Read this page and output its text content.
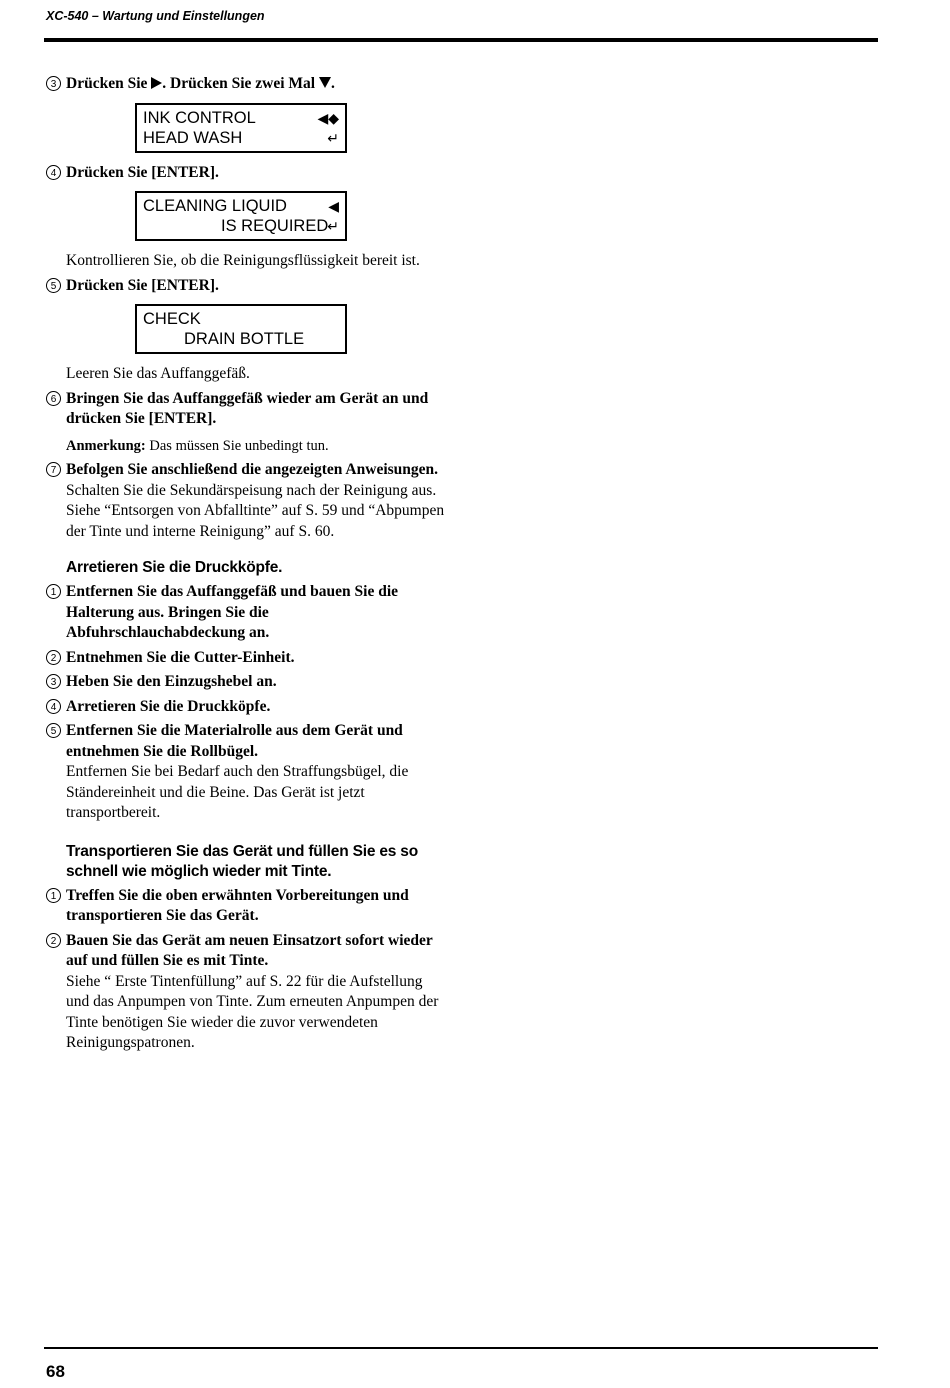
XC-540 – Wartung und Einstellungen
3 Drücken Sie . Drücken Sie zwei Mal .
INK CONTROL	◀◆
HEAD WASH	↵
4 Drücken Sie [ENTER].
CLEANING LIQUID	◀
IS REQUIRED
↵
Kontrollieren Sie, ob die Reinigungsflüssigkeit bereit ist.
5 Drücken Sie [ENTER].
CHECK
DRAIN BOTTLE
Leeren Sie das Auffanggefäß.
6 Bringen Sie das Auffanggefäß wieder am Gerät an und drücken Sie [ENTER].
Anmerkung: Das müssen Sie unbedingt tun.
7 Befolgen Sie anschließend die angezeigten Anweisungen.
Schalten Sie die Sekundärspeisung nach der Reinigung aus. Siehe “Entsorgen von Abfalltinte” auf S. 59 und “Abpumpen der Tinte und interne Reinigung” auf S. 60.
Arretieren Sie die Druckköpfe.
1 Entfernen Sie das Auffanggefäß und bauen Sie die Halterung aus. Bringen Sie die Abfuhrschlauchabdeckung an.
2 Entnehmen Sie die Cutter-Einheit.
3 Heben Sie den Einzugshebel an.
4 Arretieren Sie die Druckköpfe.
5 Entfernen Sie die Materialrolle aus dem Gerät und entnehmen Sie die Rollbügel.
Entfernen Sie bei Bedarf auch den Straffungsbügel, die Ständereinheit und die Beine. Das Gerät ist jetzt transportbereit.
Transportieren Sie das Gerät und füllen Sie es so schnell wie möglich wieder mit Tinte.
1 Treffen Sie die oben erwähnten Vorbereitungen und transportieren Sie das Gerät.
2 Bauen Sie das Gerät am neuen Einsatzort sofort wieder auf und füllen Sie es mit Tinte.
Siehe “ Erste Tintenfüllung” auf S. 22 für die Aufstellung und das Anpumpen von Tinte. Zum erneuten Anpumpen der Tinte benötigen Sie wieder die zuvor verwendeten Reinigungspatronen.
68
